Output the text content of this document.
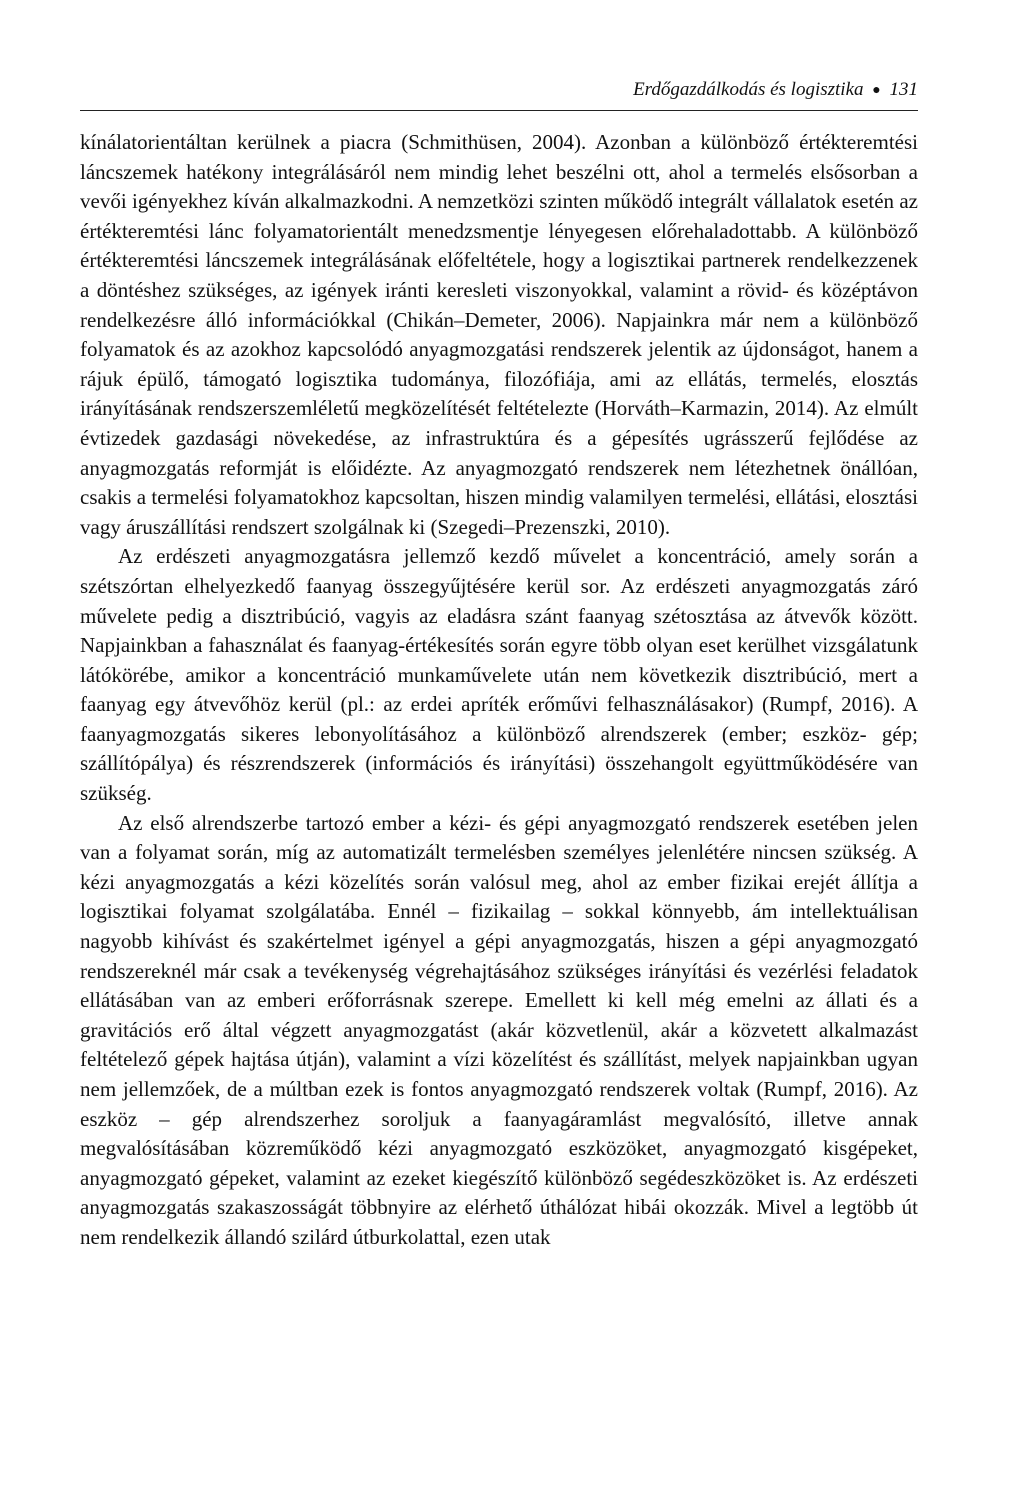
Erdőgazdálkodás és logisztika ● 131

kínálatorientáltan kerülnek a piacra (Schmithüsen, 2004). Azonban a különböző értékteremtési láncszemek hatékony integrálásáról nem mindig lehet beszélni ott, ahol a termelés elsősorban a vevői igényekhez kíván alkalmazkodni. A nemzetközi szinten működő integrált vállalatok esetén az értékteremtési lánc folyamatorientált menedzsmentje lényegesen előrehaladottabb. A különböző értékteremtési láncszemek integrálásának előfeltétele, hogy a logisztikai partnerek rendelkezzenek a döntéshez szükséges, az igények iránti keresleti viszonyokkal, valamint a rövid- és középtávon rendelkezésre álló információkkal (Chikán–Demeter, 2006). Napjainkra már nem a különböző folyamatok és az azokhoz kapcsolódó anyagmozgatási rendszerek jelentik az újdonságot, hanem a rájuk épülő, támogató logisztika tudománya, filozófiája, ami az ellátás, termelés, elosztás irányításának rendszerszemléletű megközelítését feltételezte (Horváth–Karmazin, 2014). Az elmúlt évtizedek gazdasági növekedése, az infrastruktúra és a gépesítés ugrásszerű fejlődése az anyagmozgatás reformját is előidézte. Az anyagmozgató rendszerek nem létezhetnek önállóan, csakis a termelési folyamatokhoz kapcsoltan, hiszen mindig valamilyen termelési, ellátási, elosztási vagy áruszállítási rendszert szolgálnak ki (Szegedi–Prezenszki, 2010).

Az erdészeti anyagmozgatásra jellemző kezdő művelet a koncentráció, amely során a szétszórtan elhelyezkedő faanyag összegyűjtésére kerül sor. Az erdészeti anyagmozgatás záró művelete pedig a disztribúció, vagyis az eladásra szánt faanyag szétosztása az átvevők között. Napjainkban a fahasználat és faanyag-értékesítés során egyre több olyan eset kerülhet vizsgálatunk látókörébe, amikor a koncentráció munkaművelete után nem következik disztribúció, mert a faanyag egy átvevőhöz kerül (pl.: az erdei apríték erőművi felhasználásakor) (Rumpf, 2016). A faanyagmozgatás sikeres lebonyolításához a különböző alrendszerek (ember; eszköz- gép; szállítópálya) és részrendszerek (információs és irányítási) összehangolt együttműködésére van szükség.

Az első alrendszerbe tartozó ember a kézi- és gépi anyagmozgató rendszerek esetében jelen van a folyamat során, míg az automatizált termelésben személyes jelenlétére nincsen szükség. A kézi anyagmozgatás a kézi közelítés során valósul meg, ahol az ember fizikai erejét állítja a logisztikai folyamat szolgálatába. Ennél – fizikailag – sokkal könnyebb, ám intellektuálisan nagyobb kihívást és szakértelmet igényel a gépi anyagmozgatás, hiszen a gépi anyagmozgató rendszereknél már csak a tevékenység végrehajtásához szükséges irányítási és vezérlési feladatok ellátásában van az emberi erőforrásnak szerepe. Emellett ki kell még emelni az állati és a gravitációs erő által végzett anyagmozgatást (akár közvetlenül, akár a közvetett alkalmazást feltételező gépek hajtása útján), valamint a vízi közelítést és szállítást, melyek napjainkban ugyan nem jellemzőek, de a múltban ezek is fontos anyagmozgató rendszerek voltak (Rumpf, 2016). Az eszköz – gép alrendszerhez soroljuk a faanyagáramlást megvalósító, illetve annak megvalósításában közreműködő kézi anyagmozgató eszközöket, anyagmozgató kisgépeket, anyagmozgató gépeket, valamint az ezeket kiegészítő különböző segédeszközöket is. Az erdészeti anyagmozgatás szakaszosságát többnyire az elérhető úthálózat hibái okozzák. Mivel a legtöbb út nem rendelkezik állandó szilárd útburkolattal, ezen utak
